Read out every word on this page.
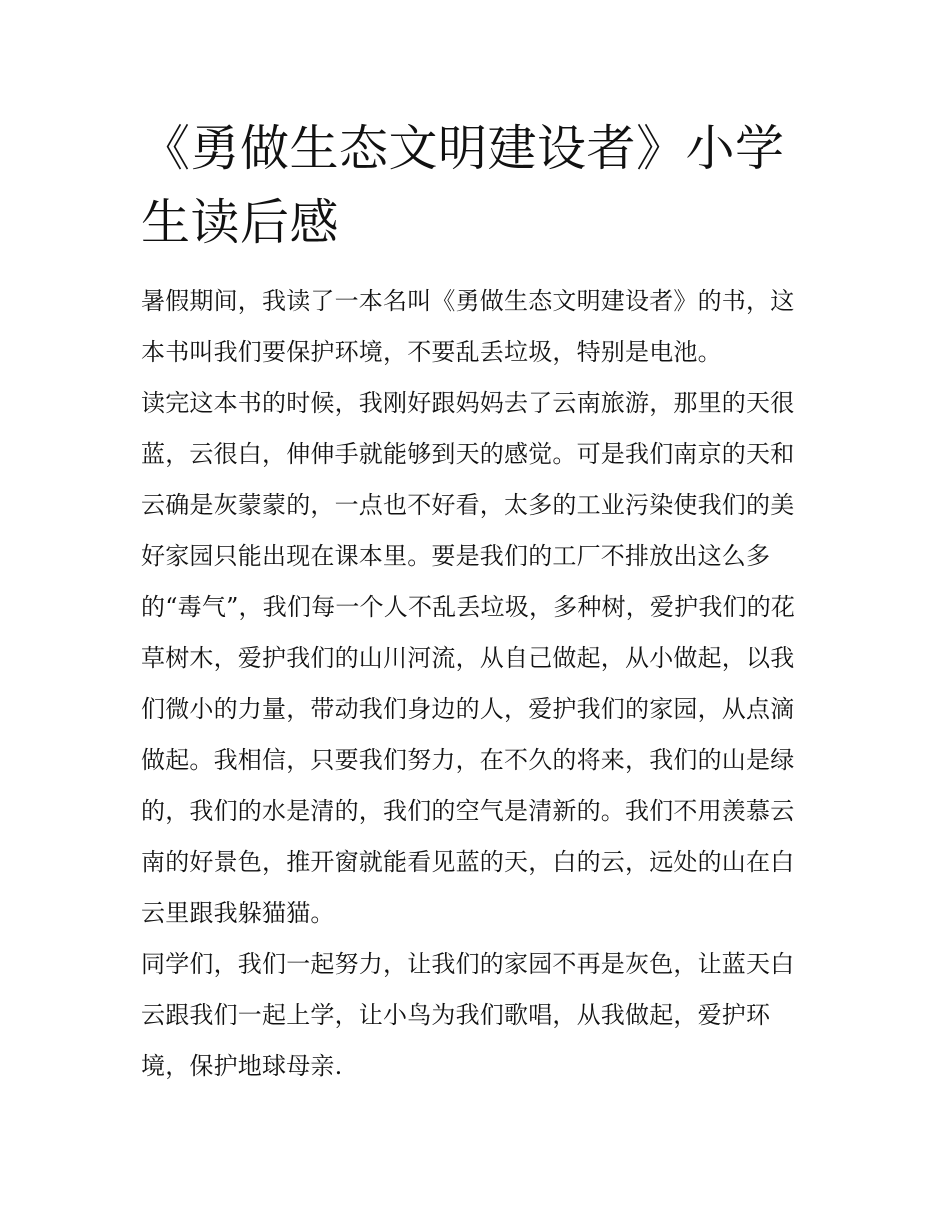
《勇做生态文明建设者》小学生读后感

暑假期间，我读了一本名叫《勇做生态文明建设者》的书，这本书叫我们要保护环境，不要乱丢垃圾，特别是电池。

读完这本书的时候，我刚好跟妈妈去了云南旅游，那里的天很蓝，云很白，伸伸手就能够到天的感觉。可是我们南京的天和云确是灰蒙蒙的，一点也不好看，太多的工业污染使我们的美好家园只能出现在课本里。要是我们的工厂不排放出这么多的“毒气”，我们每一个人不乱丢垃圾，多种树，爱护我们的花草树木，爱护我们的山川河流，从自己做起，从小做起，以我们微小的力量，带动我们身边的人，爱护我们的家园，从点滴做起。我相信，只要我们努力，在不久的将来，我们的山是绿的，我们的水是清的，我们的空气是清新的。我们不用羡慕云南的好景色，推开窗就能看见蓝的天，白的云，远处的山在白云里跟我躲猫猫。

同学们，我们一起努力，让我们的家园不再是灰色，让蓝天白云跟我们一起上学，让小鸟为我们歌唱，从我做起，爱护环境，保护地球母亲.
